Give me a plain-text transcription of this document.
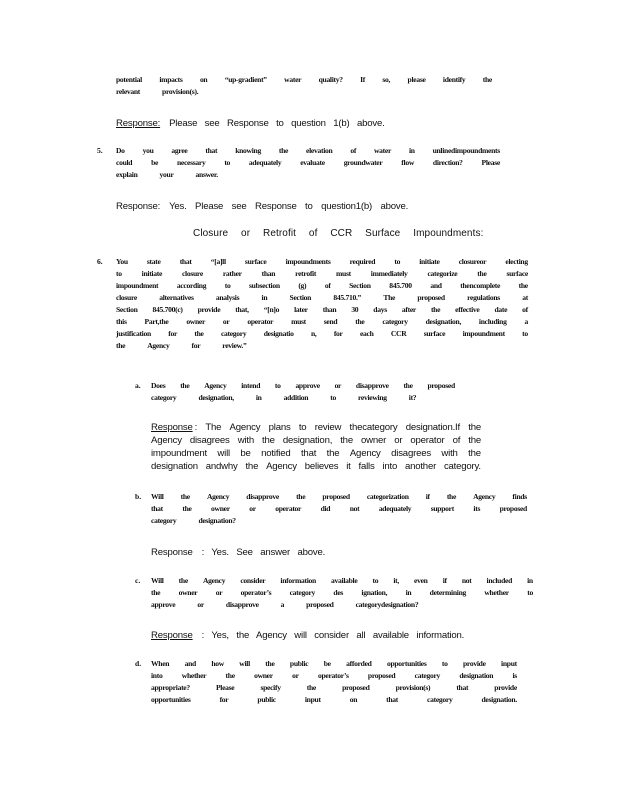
potential impacts on “up-gradient” water quality? If so, please identify the
relevant	provision(s).
Response: Please see Response to question 1(b) above.
5. Do you agree that knowing the elevation of water in unlinedimpoundments
could be necessary to adequately evaluate groundwater flow direction? Please
explain	your	answer.
Response: Yes. Please see Response to question1(b) above.
Closure or Retrofit of CCR Surface Impoundments:
6. You	state	that	“[a]ll	surface	impoundments	required	to	initiate	closureor	electing
to	initiate	closure	rather	than	retrofit	must	immediately	categorize	the	surface
impoundment according to subsection (g) of Section 845.700 and thencomplete the
closure	alternatives	analysis	in	Section	845.710.”	The	proposed	regulations	at
Section 845.700(c) provide that, “[n]o later than 30 days after the effective date of
this Part,the owner or operator must send the category designation, including a
justification for the category designatio n, for each CCR surface impoundment to
the	Agency	for	review.”
a. Does the Agency intend to approve or disapprove the proposed
category	designation,	in	addition	to	reviewing	it?
Response : The Agency plans to review thecategory designation.If the
Agency disagrees with the designation, the owner or operator of the
impoundment will be notified that the Agency disagrees with the
designation andwhy the Agency believes it falls into another category.
b. Will the Agency disapprove the proposed categorization if the Agency finds
that	the	owner	or	operator	did	not	adequately	support	its	proposed
category	designation?
Response : Yes. See answer above.
c. Will the Agency consider information available to it, even if not included in
the owner or operator’s category des ignation, in determining whether to
approve	or	disapprove	a	proposed	categorydesignation?
Response : Yes, the Agency will consider all available information.
d. When and how will the public be afforded opportunities to provide input
into	whether	the	owner	or	operator’s	proposed	category	designation	is
appropriate?	Please	specify	the	proposed	provision(s)	that	provide
opportunities	for	public	input	on	that	category	designation.
